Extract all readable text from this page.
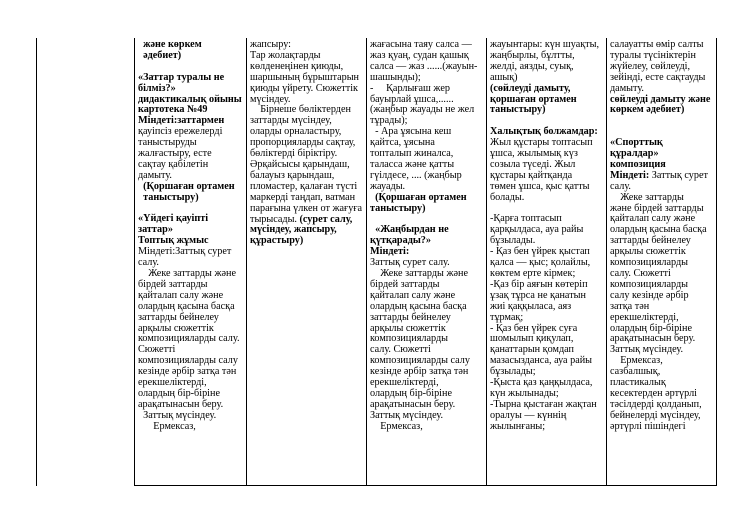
жəне көркем

əдебиет)

«Заттар туралы не

білміз?»

дидактикалық ойыны

картотека №49

Міндеті:заттармен

қауіпсіз ережелерді

таныстыруды

жалғастыру, есте

сақтау қабілетін

дамыту.

(Қоршаған ортамен

таныстыру)

«Үйдегі қауіпті

заттар»

Топтық жұмыс

Міндеті:Заттық сурет

салу.

Жеке заттарды жəне

бірдей заттарды

қайталап салу жəне

олардың қасына басқа

заттарды бейнелеу

арқылы сюжеттік

композицияларды салу.

Сюжетті

композицияларды салу

кезінде əрбір затқа тəн

ерекшеліктерді,

олардың бір-біріне

арақатынасын беру.

Заттық мүсіндеу.

Ермексаз,

жапсыру:

Тар жолақтарды

көлденеңінен қиюды,

шаршының бұрыштарын

қиюды үйрету. Сюжеттік

мүсіндеу.

Бірнеше бөліктерден

заттарды мүсіндеу,

оларды орналастыру,

пропорцияларды сақтау,

бөліктерді біріктіру.

Әрқайсысы қарындаш,

балауыз қарындаш,

пломастер, қалаған түсті

маркерді таңдап, ватман

парағына үлкен от жағуға

тырысады. (сурет салу,

мүсіндеу, жапсыру,

құрастыру)

жағасына таяу салса —

жаз қуаң, судан қашық

салса — жаз ......(жауын-

шашынды);

-     Қарлығаш жер

бауырлай ұшса,......

(жаңбыр жауады не жел

тұрады);

- Ара ұясына кеш

қайтса, ұясына

топталып жиналса,

таласса жəне қатты

гүілдесе, .... (жаңбыр

жауады.

(Қоршаған ортамен

таныстыру)

«Жаңбырдан не

қүтқарады?»

Міндеті:

Заттық сурет салу.

Жеке заттарды жəне

бірдей заттарды

қайталап салу жəне

олардың қасына басқа

заттарды бейнелеу

арқылы сюжеттік

композицияларды

салу. Сюжетті

композицияларды салу

кезінде əрбір затқа тəн

ерекшеліктерді,

олардың бір-біріне

арақатынасын беру.

Заттық мүсіндеу.

Ермексаз,

жауынтары: күн шуақты,

жаңбырлы, бұлтты,

желді, аязды, суық,

ашық)

(сөйлеуді дамыту,

қоршаған ортамен

таныстыру)

Халықтық болжамдар:

Жыл құстары топтасып

ұшса, жылымық күз

созыла түседі. Жыл

құстары қайтқанда

төмен ұшса, қыс қатты

болады.

-Қарға топтасып

қарқылдаса, ауа райы

бұзылады.

- Қаз бен үйрек қыстап

қалса — қыс; қолайлы,

көктем ерте кірмек;

-Қаз бір аяғын көтеріп

ұзақ тұрса не қанатын

жиі қаққыласа, аяз

тұрмақ;

- Қаз бен үйрек суға

шомылып қиқулап,

қанаттарын қомдап

мазасызданса, ауа райы

бұзылады;

-Қыста қаз қаңқылдаса,

күн жылынады;

-Тырна қыстаған жақтан

оралуы — күннің

жылынғаны;

салауатты өмір салты

туралы түсініктерін

жүйелеу, сөйлеуді,

зейінді, есте сақтауды

дамыту.

сөйлеуді дамыту жəне

көркем əдебиет)

«Спорттық

құралдар»

композиция

Міндеті: Заттық сурет

салу.

Жеке заттарды

жəне бірдей заттарды

қайталап салу жəне

олардың қасына басқа

заттарды бейнелеу

арқылы сюжеттік

композицияларды

салу. Сюжетті

композицияларды

салу кезінде əрбір

затқа тəн

ерекшеліктерді,

олардың бір-біріне

арақатынасын беру.

Заттық мүсіндеу.

Ермексаз,

сазбалшық,

пластикалық

кесектерден əртүрлі

тəсілдерді қолданып,

бейнелерді мүсіндеу,

əртүрлі пішіндегі
